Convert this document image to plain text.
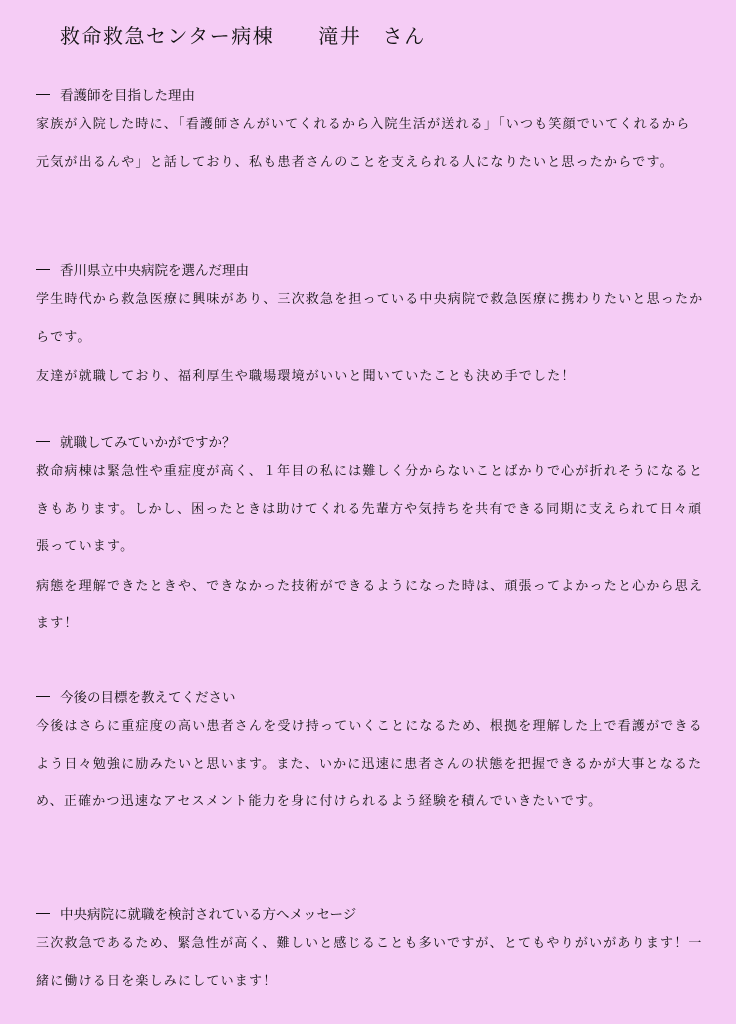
救命救急センター病棟 滝井　さん

看護師を目指した理由

家族が入院した時に、「看護師さんがいてくれるから入院生活が送れる」「いつも笑顔でいてくれるから元気が出るんや」と話しており、私も患者さんのことを支えられる人になりたいと思ったからです。

香川県立中央病院を選んだ理由

学生時代から救急医療に興味があり、三次救急を担っている中央病院で救急医療に携わりたいと思ったからです。

友達が就職しており、福利厚生や職場環境がいいと聞いていたことも決め手でした！

就職してみていかがですか？

救命病棟は緊急性や重症度が高く、１年目の私には難しく分からないことばかりで心が折れそうになるときもあります。しかし、困ったときは助けてくれる先輩方や気持ちを共有できる同期に支えられて日々頑張っています。

病態を理解できたときや、できなかった技術ができるようになった時は、頑張ってよかったと心から思えます！

今後の目標を教えてください

今後はさらに重症度の高い患者さんを受け持っていくことになるため、根拠を理解した上で看護ができるよう日々勉強に励みたいと思います。また、いかに迅速に患者さんの状態を把握できるかが大事となるため、正確かつ迅速なアセスメント能力を身に付けられるよう経験を積んでいきたいです。

中央病院に就職を検討されている方へメッセージ

三次救急であるため、緊急性が高く、難しいと感じることも多いですが、とてもやりがいがあります！一緒に働ける日を楽しみにしています！
